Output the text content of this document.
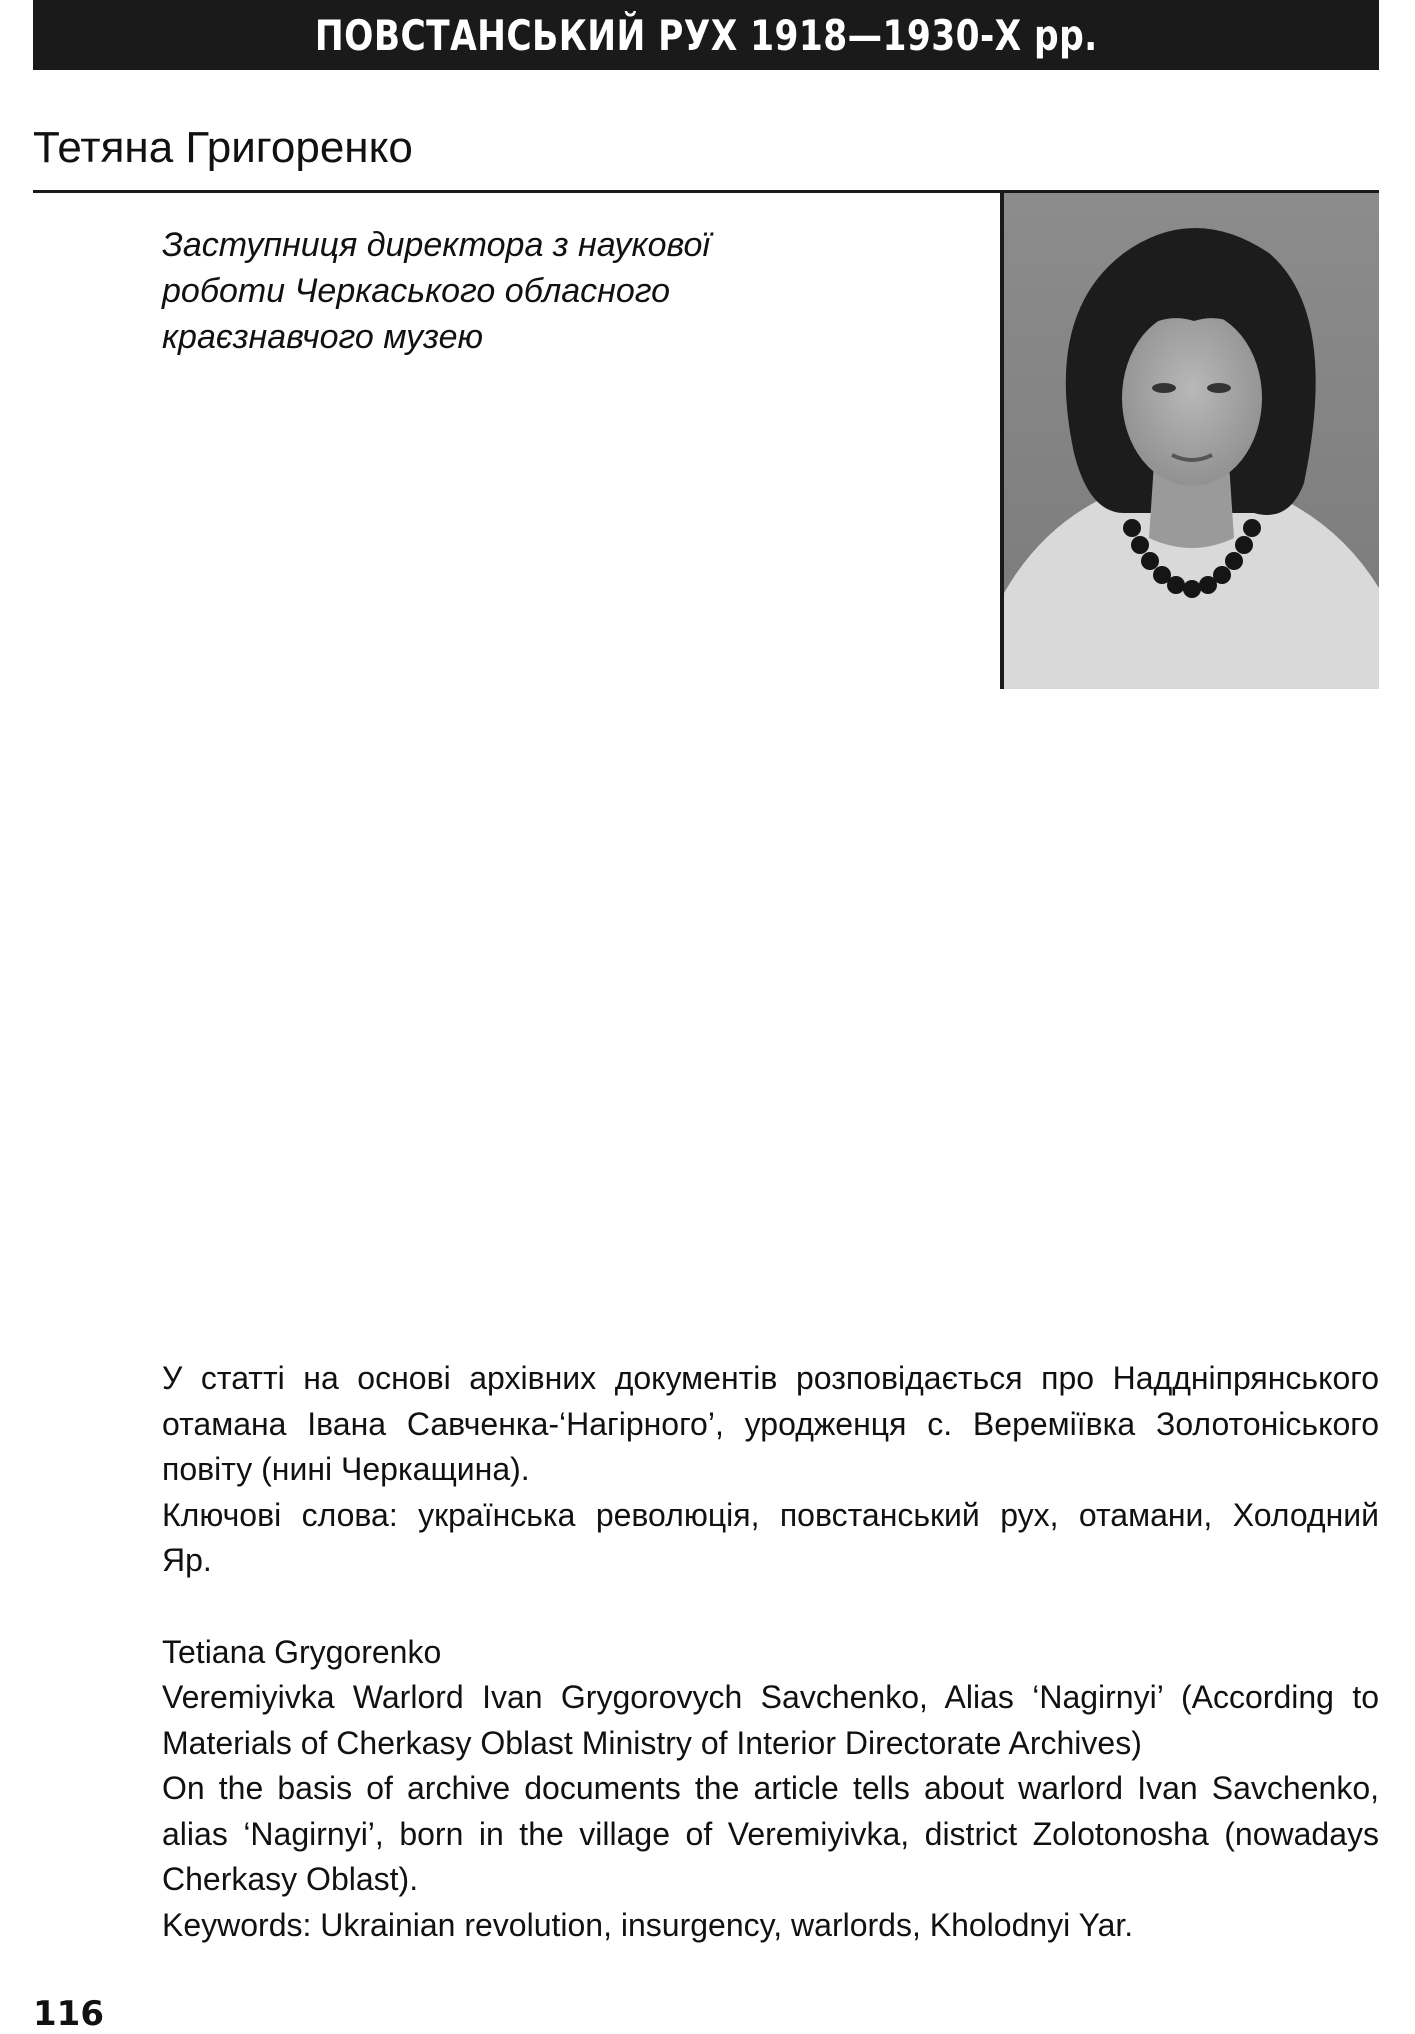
ПОВСТАНСЬКИЙ РУХ 1918—1930-Х рр.
Тетяна Григоренко
Заступниця директора з наукової
роботи Черкаського обласного
краєзнавчого музею
У статті на основі архівних документів розповідається про Наддніпрянського
отамана Івана Савченка-‘Нагірного’, уродженця с. Вереміївка Золотоніського
повіту (нині Черкащина).
Ключові слова: українська революція, повстанський рух, отамани, Холодний
Яр.
Tetiana Grygorenko
Veremiyivka Warlord Ivan Grygorovych Savchenko, Alias ‘Nagirnyi’ (According to
Materials of Cherkasy Oblast Ministry of Interior Directorate Archives)
On the basis of archive documents the article tells about warlord Ivan Savchenko,
alias ‘Nagirnyi’, born in the village of Veremiyivka, district Zolotonosha (nowadays
Cherkasy Oblast).
Keywords: Ukrainian revolution, insurgency, warlords, Kholodnyi Yar.
116
